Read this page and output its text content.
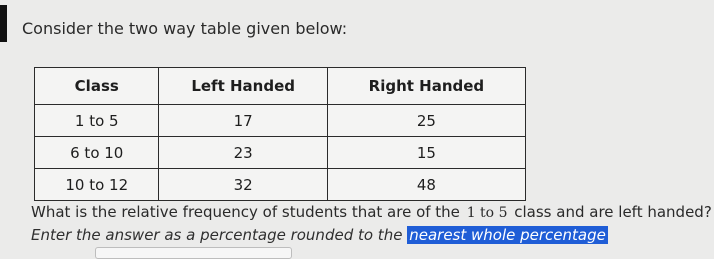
Consider the two way table given below:
Class	Left Handed	Right Handed
1 to 5	17	25
6 to 10	23	15
10 to 12	32	48
What is the relative frequency of students that are of the 1 to 5 class and are left handed?
Enter the answer as a percentage rounded to the nearest whole percentage
